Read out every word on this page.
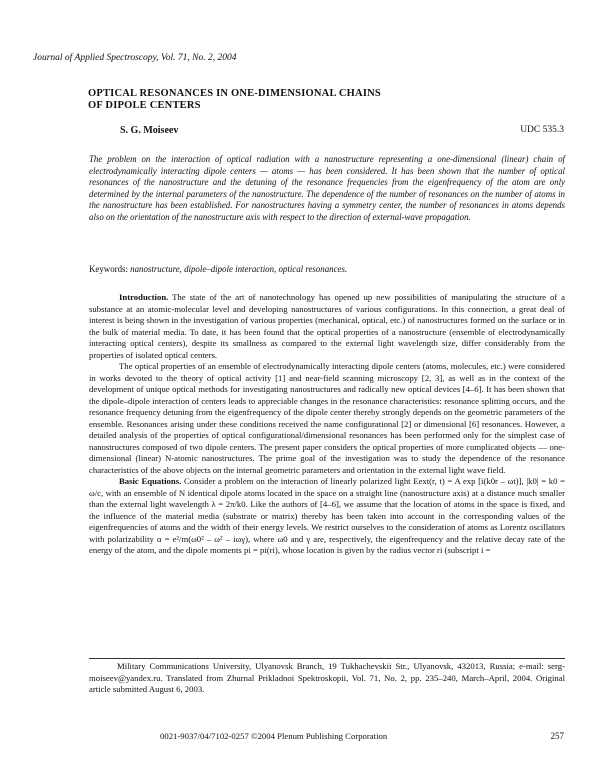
Journal of Applied Spectroscopy, Vol. 71, No. 2, 2004
OPTICAL RESONANCES IN ONE-DIMENSIONAL CHAINS
OF DIPOLE CENTERS
S. G. Moiseev	UDC 535.3
The problem on the interaction of optical radiation with a nanostructure representing a one-dimensional (linear) chain of electrodynamically interacting dipole centers — atoms — has been considered. It has been shown that the number of optical resonances of the nanostructure and the detuning of the resonance frequencies from the eigenfrequency of the atom are only determined by the internal parameters of the nanostructure. The dependence of the number of resonances on the number of atoms in the nanostructure has been established. For nanostructures having a symmetry center, the number of resonances in atoms depends also on the orientation of the nanostructure axis with respect to the direction of external-wave propagation.
Keywords: nanostructure, dipole–dipole interaction, optical resonances.

Introduction. The state of the art of nanotechnology has opened up new possibilities of manipulating the structure of a substance at an atomic-molecular level and developing nanostructures of various configurations. In this connection, a great deal of interest is being shown in the investigation of various properties (mechanical, optical, etc.) of nanostructures formed on the surface or in the bulk of material media. To date, it has been found that the optical properties of a nanostructure (ensemble of electrodynamically interacting optical centers), despite its smallness as compared to the external light wavelength size, differ considerably from the properties of isolated optical centers.

The optical properties of an ensemble of electrodynamically interacting dipole centers (atoms, molecules, etc.) were considered in works devoted to the theory of optical activity [1] and near-field scanning microscopy [2, 3], as well as in the context of the development of unique optical methods for investigating nanostructures and radically new optical devices [4–6]. It has been shown that the dipole–dipole interaction of centers leads to appreciable changes in the resonance characteristics: resonance splitting occurs, and the resonance frequency detuning from the eigenfrequency of the dipole center thereby strongly depends on the geometric parameters of the ensemble. Resonances arising under these conditions received the name configurational [2] or dimensional [6] resonances. However, a detailed analysis of the properties of optical configurational/dimensional resonances has been performed only for the simplest case of nanostructures composed of two dipole centers. The present paper considers the optical properties of more complicated objects — one-dimensional (linear) N-atomic nanostructures. The prime goal of the investigation was to study the dependence of the resonance characteristics of the above objects on the internal geometric parameters and orientation in the external light wave field.

Basic Equations. Consider a problem on the interaction of linearly polarized light Eext(r, t) = A exp [i(k0r – ωt)], |k0| = k0 = ω/c, with an ensemble of N identical dipole atoms located in the space on a straight line (nanostructure axis) at a distance much smaller than the external light wavelength λ = 2π/k0. Like the authors of [4–6], we assume that the location of atoms in the space is fixed, and the influence of the material media (substrate or matrix) thereby has been taken into account in the corresponding values of the eigenfrequencies of atoms and the width of their energy levels. We restrict ourselves to the consideration of atoms as Lorentz oscillators with polarizability α = e²/m(ω0² – ω² – iωγ), where ω0 and γ are, respectively, the eigenfrequency and the relative decay rate of the energy of the atom, and the dipole moments pi = pi(ri), whose location is given by the radius vector ri (subscript i =

Military Communications University, Ulyanovsk Branch, 19 Tukhachevskii Str., Ulyanovsk, 432013, Russia; e-mail: serg-moiseev@yandex.ru. Translated from Zhurnal Prikladnoi Spektroskopii, Vol. 71, No. 2, pp. 235–240, March–April, 2004. Original article submitted August 6, 2003.
0021-9037/04/7102-0257 ©2004 Plenum Publishing Corporation	257
